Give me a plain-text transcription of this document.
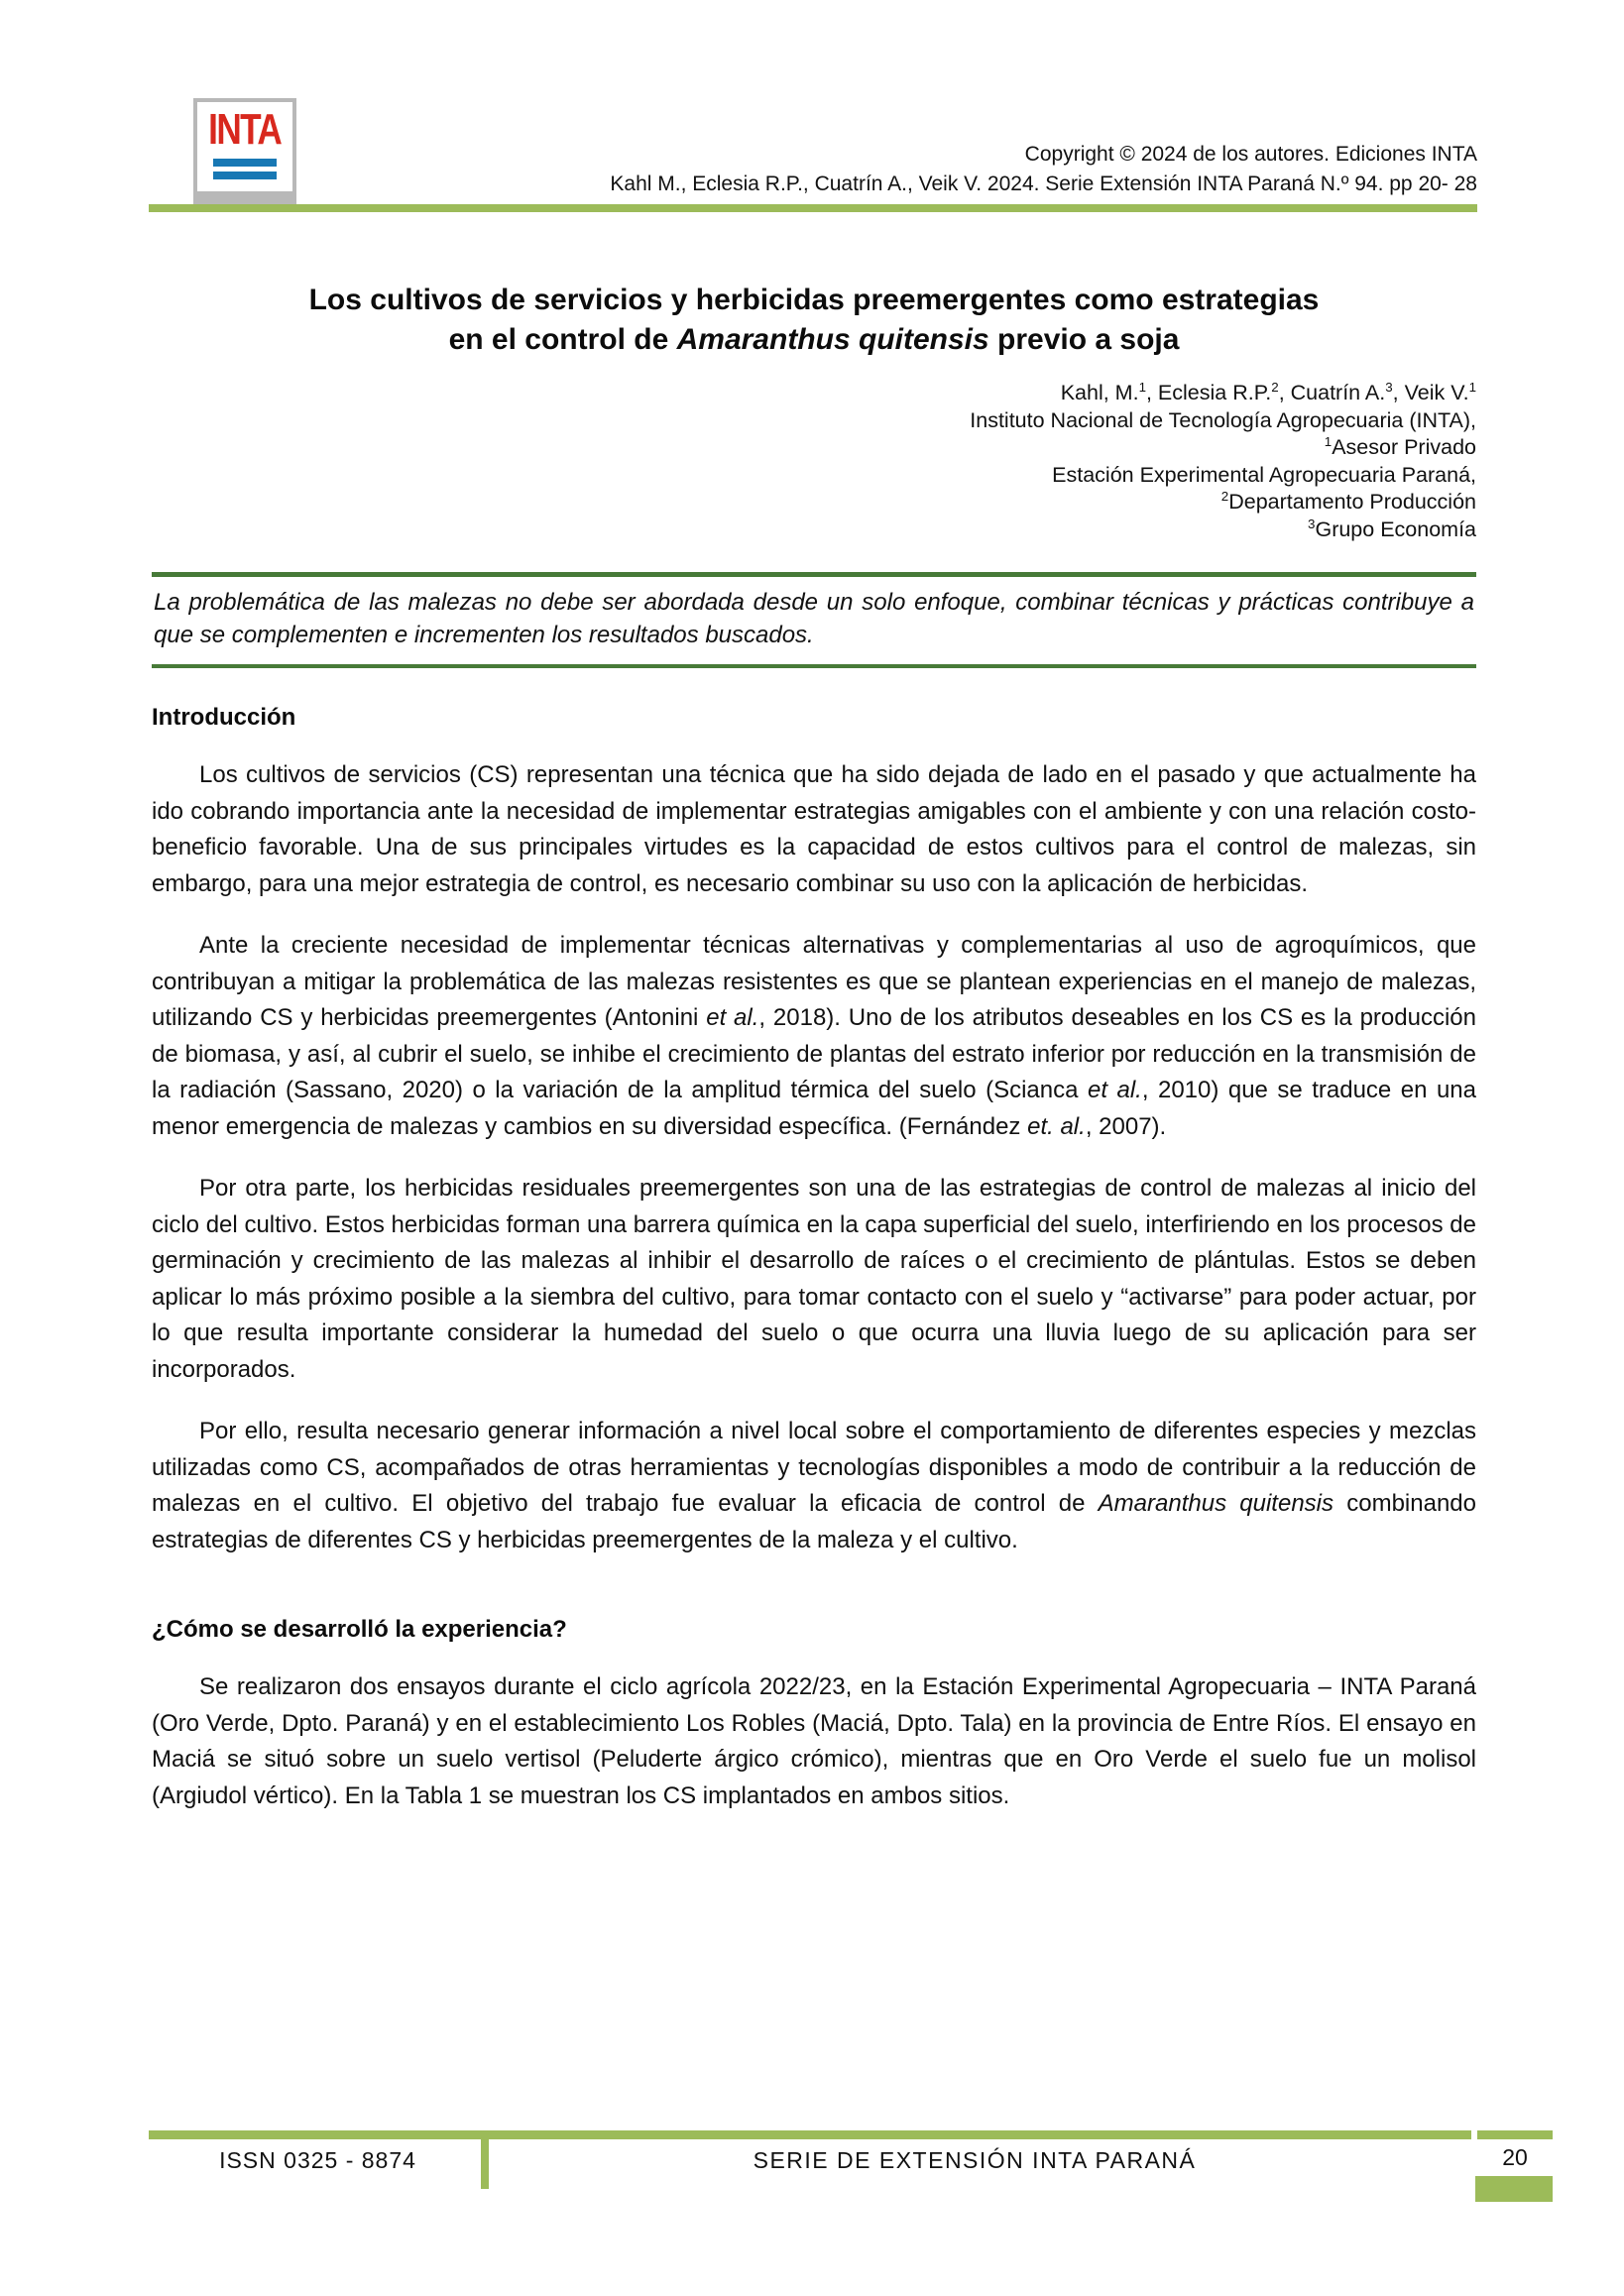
INTA
Copyright © 2024 de los autores. Ediciones INTA
Kahl M., Eclesia R.P., Cuatrín A., Veik V. 2024. Serie Extensión INTA Paraná N.º 94. pp 20- 28
Los cultivos de servicios y herbicidas preemergentes como estrategias
en el control de Amaranthus quitensis previo a soja
Kahl, M.$^1$, Eclesia R.P.$^2$, Cuatrín A.$^3$, Veik V.$^1$
Instituto Nacional de Tecnología Agropecuaria (INTA),
$^1$Asesor Privado
Estación Experimental Agropecuaria Paraná,
$^2$Departamento Producción
$^3$Grupo Economía
La problemática de las malezas no debe ser abordada desde un solo enfoque, combinar técnicas y prácticas contribuye a que se complementen e incrementen los resultados buscados.
Introducción

Los cultivos de servicios (CS) representan una técnica que ha sido dejada de lado en el pasado y que actualmente ha ido cobrando importancia ante la necesidad de implementar estrategias amigables con el ambiente y con una relación costo-beneficio favorable. Una de sus principales virtudes es la capacidad de estos cultivos para el control de malezas, sin embargo, para una mejor estrategia de control, es necesario combinar su uso con la aplicación de herbicidas.

Ante la creciente necesidad de implementar técnicas alternativas y complementarias al uso de agroquímicos, que contribuyan a mitigar la problemática de las malezas resistentes es que se plantean experiencias en el manejo de malezas, utilizando CS y herbicidas preemergentes (Antonini et al., 2018). Uno de los atributos deseables en los CS es la producción de biomasa, y así, al cubrir el suelo, se inhibe el crecimiento de plantas del estrato inferior por reducción en la transmisión de la radiación (Sassano, 2020) o la variación de la amplitud térmica del suelo (Scianca et al., 2010) que se traduce en una menor emergencia de malezas y cambios en su diversidad específica. (Fernández et. al., 2007).

Por otra parte, los herbicidas residuales preemergentes son una de las estrategias de control de malezas al inicio del ciclo del cultivo. Estos herbicidas forman una barrera química en la capa superficial del suelo, interfiriendo en los procesos de germinación y crecimiento de las malezas al inhibir el desarrollo de raíces o el crecimiento de plántulas. Estos se deben aplicar lo más próximo posible a la siembra del cultivo, para tomar contacto con el suelo y “activarse” para poder actuar, por lo que resulta importante considerar la humedad del suelo o que ocurra una lluvia luego de su aplicación para ser incorporados.

Por ello, resulta necesario generar información a nivel local sobre el comportamiento de diferentes especies y mezclas utilizadas como CS, acompañados de otras herramientas y tecnologías disponibles a modo de contribuir a la reducción de malezas en el cultivo. El objetivo del trabajo fue evaluar la eficacia de control de Amaranthus quitensis combinando estrategias de diferentes CS y herbicidas preemergentes de la maleza y el cultivo.

¿Cómo se desarrolló la experiencia?

Se realizaron dos ensayos durante el ciclo agrícola 2022/23, en la Estación Experimental Agropecuaria – INTA Paraná (Oro Verde, Dpto. Paraná) y en el establecimiento Los Robles (Maciá, Dpto. Tala) en la provincia de Entre Ríos. El ensayo en Maciá se situó sobre un suelo vertisol (Peluderte árgico crómico), mientras que en Oro Verde el suelo fue un molisol (Argiudol vértico). En la Tabla 1 se muestran los CS implantados en ambos sitios.

ISSN 0325 - 8874	SERIE DE EXTENSIÓN INTA PARANÁ	20
